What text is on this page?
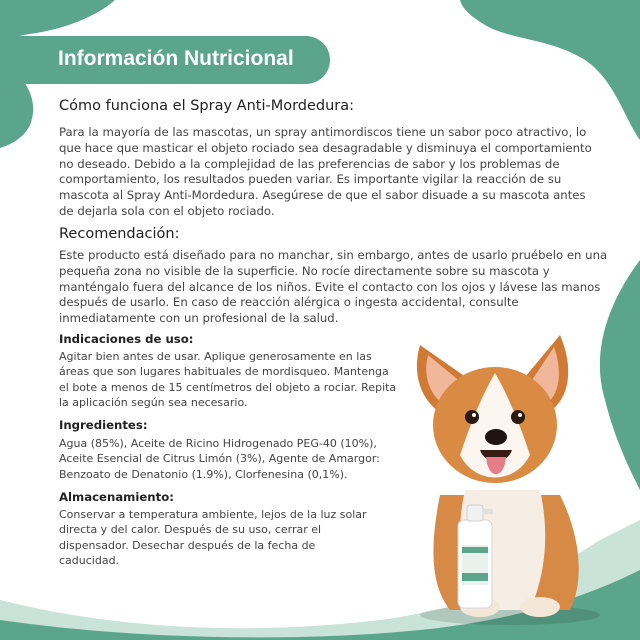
Información Nutricional
Cómo funciona el Spray Anti-Mordedura:
Para la mayoría de las mascotas, un spray antimordiscos tiene un sabor poco atractivo, lo
que hace que masticar el objeto rociado sea desagradable y disminuya el comportamiento
no deseado. Debido a la complejidad de las preferencias de sabor y los problemas de
comportamiento, los resultados pueden variar. Es importante vigilar la reacción de su
mascota al Spray Anti-Mordedura. Asegúrese de que el sabor disuade a su mascota antes
de dejarla sola con el objeto rociado.
Recomendación:
Este producto está diseñado para no manchar, sin embargo, antes de usarlo pruébelo en una
pequeña zona no visible de la superficie. No rocíe directamente sobre su mascota y
manténgalo fuera del alcance de los niños. Evite el contacto con los ojos y lávese las manos
después de usarlo. En caso de reacción alérgica o ingesta accidental, consulte
inmediatamente con un profesional de la salud.
Indicaciones de uso:
Agitar bien antes de usar. Aplique generosamente en las
áreas que son lugares habituales de mordisqueo. Mantenga
el bote a menos de 15 centímetros del objeto a rociar. Repita
la aplicación según sea necesario.
Ingredientes:
Agua (85%), Aceite de Ricino Hidrogenado PEG-40 (10%),
Aceite Esencial de Citrus Limón (3%), Agente de Amargor:
Benzoato de Denatonio (1.9%), Clorfenesina (0,1%).
Almacenamiento:
Conservar a temperatura ambiente, lejos de la luz solar
directa y del calor. Después de su uso, cerrar el
dispensador. Desechar después de la fecha de
caducidad.
